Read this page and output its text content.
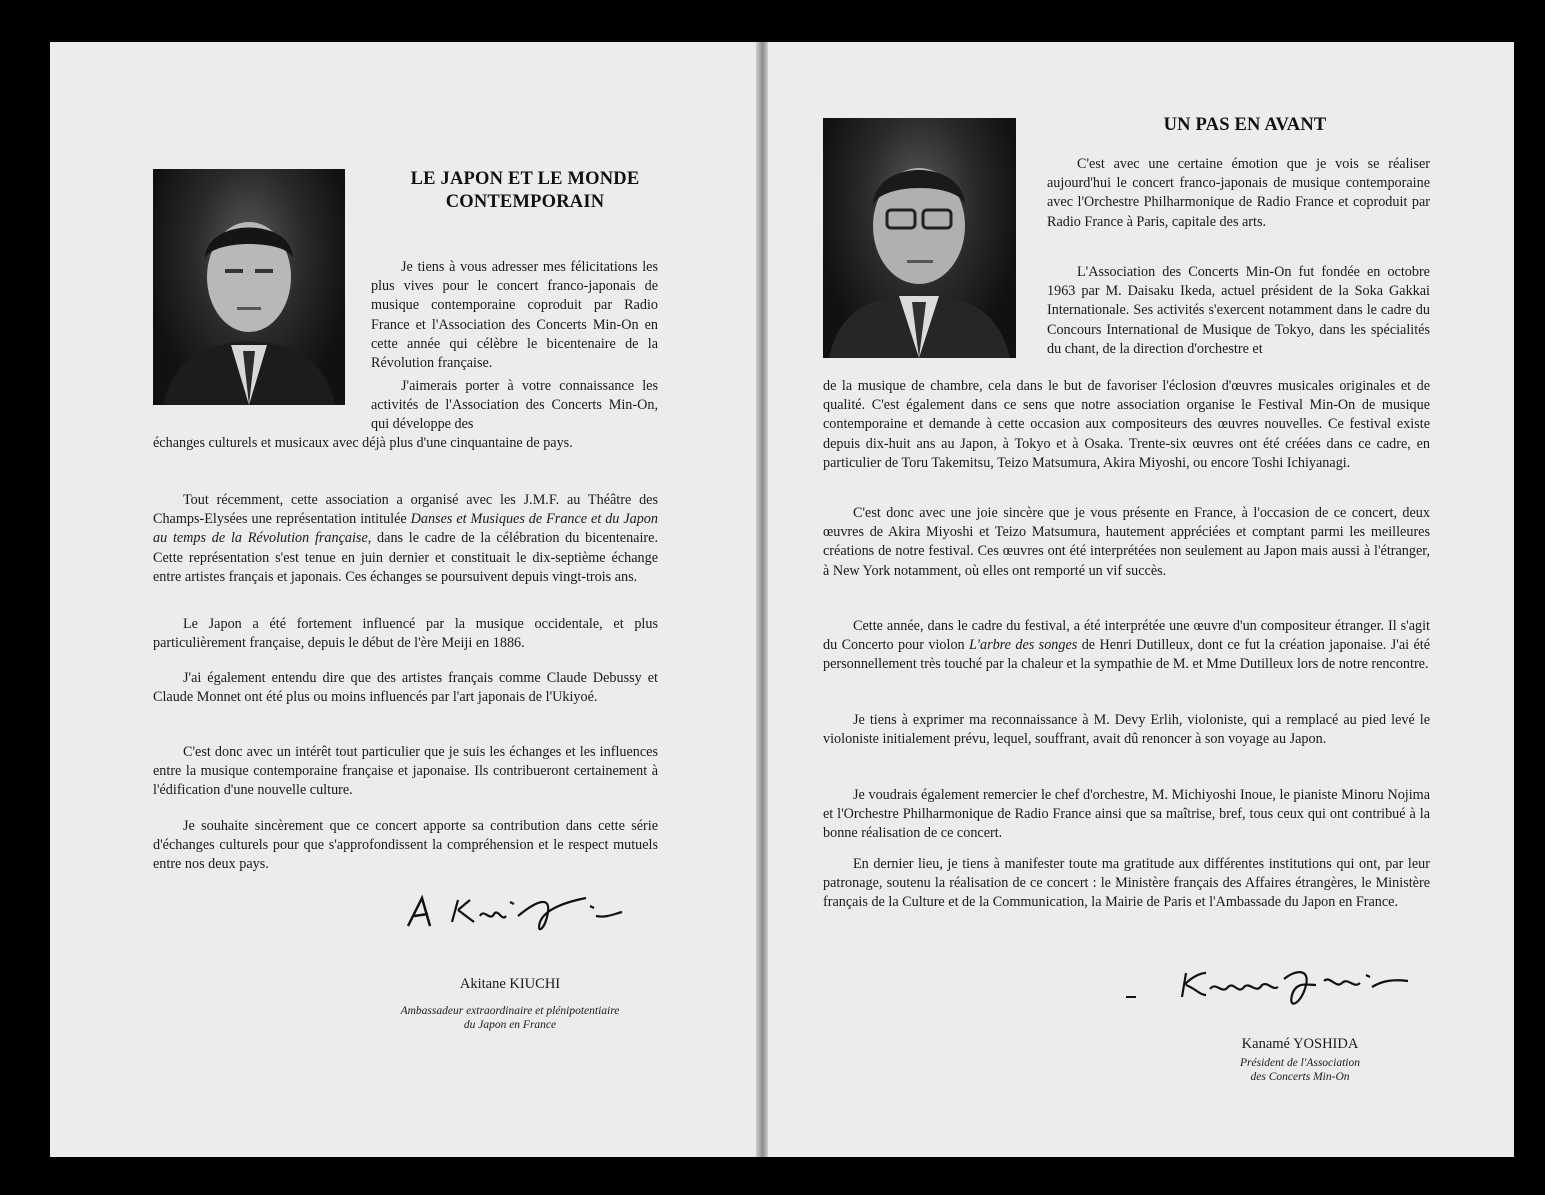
LE JAPON ET LE MONDE
CONTEMPORAIN

Je tiens à vous adresser mes félicitations les plus vives pour le concert franco-japonais de musique contemporaine coproduit par Radio France et l'Association des Concerts Min-On en cette année qui célèbre le bicentenaire de la Révolution française.

J'aimerais porter à votre connaissance les activités de l'Association des Concerts Min-On, qui développe des

échanges culturels et musicaux avec déjà plus d'une cinquantaine de pays.

Tout récemment, cette association a organisé avec les J.M.F. au Théâtre des Champs-Elysées une représentation intitulée Danses et Musiques de France et du Japon au temps de la Révolution française, dans le cadre de la célébration du bicentenaire. Cette représentation s'est tenue en juin dernier et constituait le dix-septième échange entre artistes français et japonais. Ces échanges se poursuivent depuis vingt-trois ans.

Le Japon a été fortement influencé par la musique occidentale, et plus particulièrement française, depuis le début de l'ère Meiji en 1886.

J'ai également entendu dire que des artistes français comme Claude Debussy et Claude Monnet ont été plus ou moins influencés par l'art japonais de l'Ukiyoé.

C'est donc avec un intérêt tout particulier que je suis les échanges et les influences entre la musique contemporaine française et japonaise. Ils contribueront certainement à l'édification d'une nouvelle culture.

Je souhaite sincèrement que ce concert apporte sa contribution dans cette série d'échanges culturels pour que s'approfondissent la compréhension et le respect mutuels entre nos deux pays.

Akitane KIUCHI
Ambassadeur extraordinaire et plénipotentiaire
du Japon en France
UN PAS EN AVANT

C'est avec une certaine émotion que je vois se réaliser aujourd'hui le concert franco-japonais de musique contemporaine avec l'Orchestre Philharmonique de Radio France et coproduit par Radio France à Paris, capitale des arts.

L'Association des Concerts Min-On fut fondée en octobre 1963 par M. Daisaku Ikeda, actuel président de la Soka Gakkai Internationale. Ses activités s'exercent notamment dans le cadre du Concours International de Musique de Tokyo, dans les spécialités du chant, de la direction d'orchestre et

de la musique de chambre, cela dans le but de favoriser l'éclosion d'œuvres musicales originales et de qualité. C'est également dans ce sens que notre association organise le Festival Min-On de musique contemporaine et demande à cette occasion aux compositeurs des œuvres nouvelles. Ce festival existe depuis dix-huit ans au Japon, à Tokyo et à Osaka. Trente-six œuvres ont été créées dans ce cadre, en particulier de Toru Takemitsu, Teizo Matsumura, Akira Miyoshi, ou encore Toshi Ichiyanagi.

C'est donc avec une joie sincère que je vous présente en France, à l'occasion de ce concert, deux œuvres de Akira Miyoshi et Teizo Matsumura, hautement appréciées et comptant parmi les meilleures créations de notre festival. Ces œuvres ont été interprétées non seulement au Japon mais aussi à l'étranger, à New York notamment, où elles ont remporté un vif succès.

Cette année, dans le cadre du festival, a été interprétée une œuvre d'un compositeur étranger. Il s'agit du Concerto pour violon L'arbre des songes de Henri Dutilleux, dont ce fut la création japonaise. J'ai été personnellement très touché par la chaleur et la sympathie de M. et Mme Dutilleux lors de notre rencontre.

Je tiens à exprimer ma reconnaissance à M. Devy Erlih, violoniste, qui a remplacé au pied levé le violoniste initialement prévu, lequel, souffrant, avait dû renoncer à son voyage au Japon.

Je voudrais également remercier le chef d'orchestre, M. Michiyoshi Inoue, le pianiste Minoru Nojima et l'Orchestre Philharmonique de Radio France ainsi que sa maîtrise, bref, tous ceux qui ont contribué à la bonne réalisation de ce concert.

En dernier lieu, je tiens à manifester toute ma gratitude aux différentes institutions qui ont, par leur patronage, soutenu la réalisation de ce concert : le Ministère français des Affaires étrangères, le Ministère français de la Culture et de la Communication, la Mairie de Paris et l'Ambassade du Japon en France.

Kanamé YOSHIDA
Président de l'Association
des Concerts Min-On
